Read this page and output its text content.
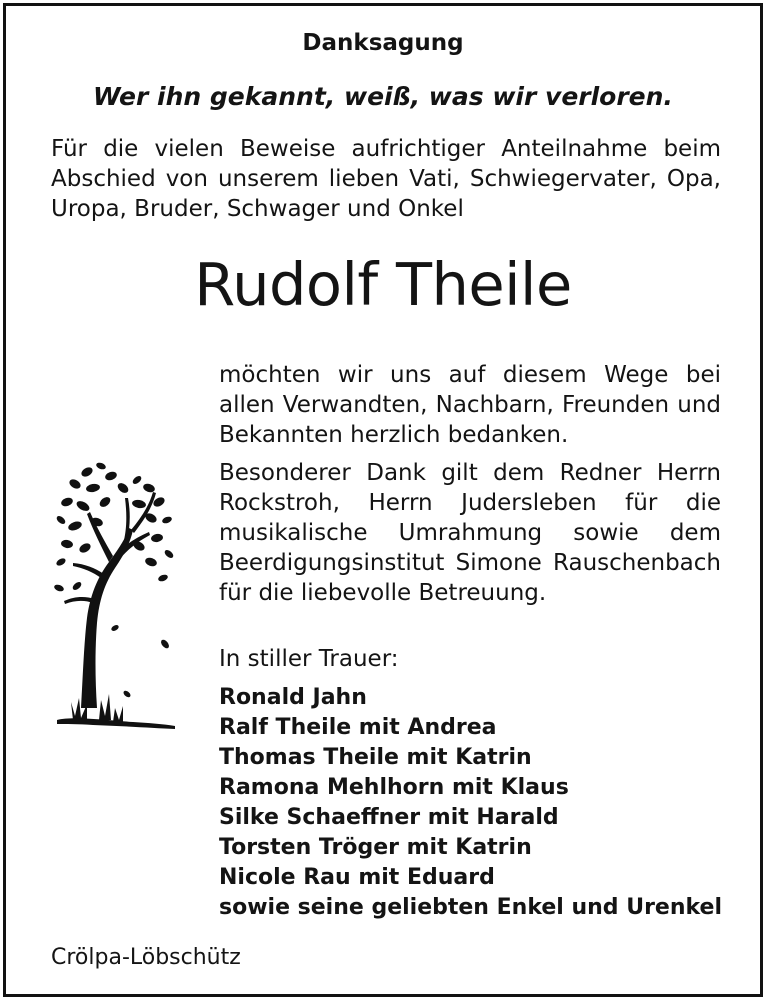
Danksagung
Wer ihn gekannt, weiß, was wir verloren.
Für die vielen Beweise aufrichtiger Anteilnahme beim Abschied von unserem lieben Vati, Schwiegervater, Opa, Uropa, Bruder, Schwager und Onkel
Rudolf Theile

möchten wir uns auf diesem Wege bei allen Verwandten, Nachbarn, Freunden und Bekannten herzlich bedanken.

Besonderer Dank gilt dem Redner Herrn Rockstroh, Herrn Judersleben für die musikalische Umrahmung sowie dem Beerdigungsinstitut Simone Rauschenbach für die liebevolle Betreuung.

In stiller Trauer:
Ronald Jahn
Ralf Theile mit Andrea
Thomas Theile mit Katrin
Ramona Mehlhorn mit Klaus
Silke Schaeffner mit Harald
Torsten Tröger mit Katrin
Nicole Rau mit Eduard
sowie seine geliebten Enkel und Urenkel
Crölpa-Löbschütz
